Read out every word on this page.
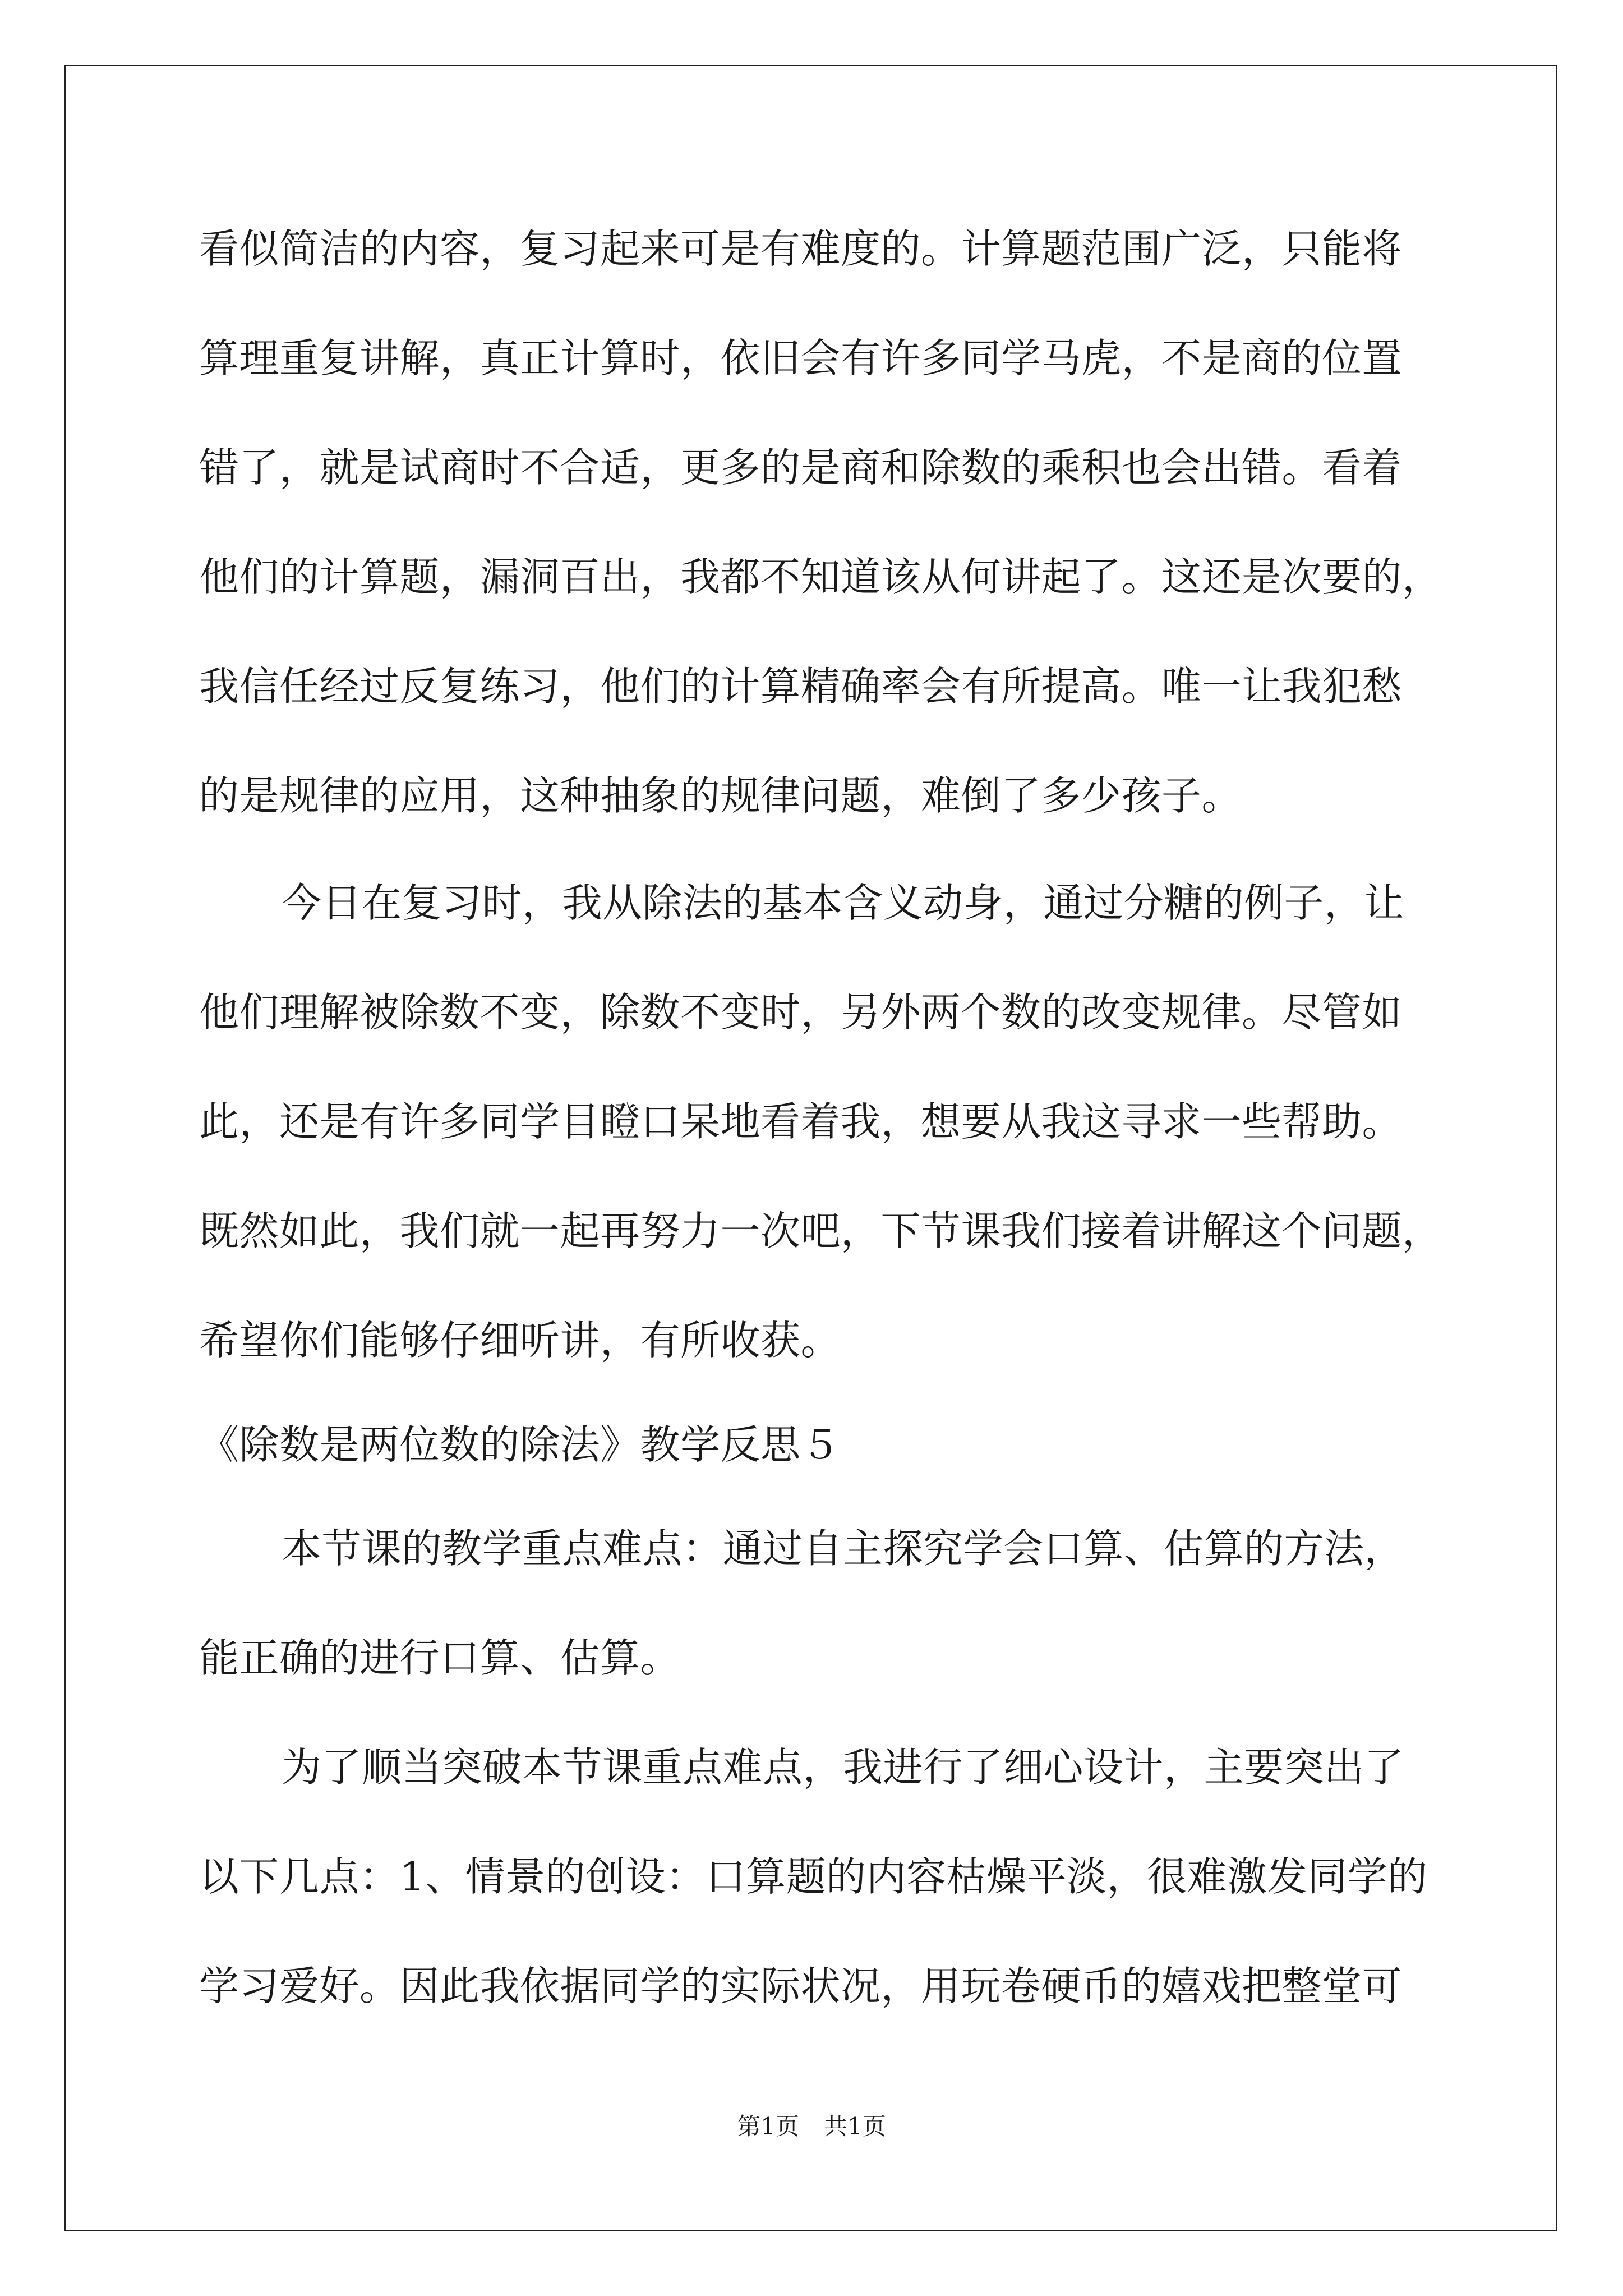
看似简洁的内容，复习起来可是有难度的。计算题范围广泛，只能将
算理重复讲解，真正计算时，依旧会有许多同学马虎，不是商的位置
错了，就是试商时不合适，更多的是商和除数的乘积也会出错。看着
他们的计算题，漏洞百出，我都不知道该从何讲起了。这还是次要的，
我信任经过反复练习，他们的计算精确率会有所提高。唯一让我犯愁
的是规律的应用，这种抽象的规律问题，难倒了多少孩子。
今日在复习时，我从除法的基本含义动身，通过分糖的例子，让
他们理解被除数不变，除数不变时，另外两个数的改变规律。尽管如
此，还是有许多同学目瞪口呆地看着我，想要从我这寻求一些帮助。
既然如此，我们就一起再努力一次吧，下节课我们接着讲解这个问题，
希望你们能够仔细听讲，有所收获。
《除数是两位数的除法》教学反思５
本节课的教学重点难点：通过自主探究学会口算、估算的方法，
能正确的进行口算、估算。
为了顺当突破本节课重点难点，我进行了细心设计，主要突出了
以下几点：1、情景的创设：口算题的内容枯燥平淡，很难激发同学的
学习爱好。因此我依据同学的实际状况，用玩卷硬币的嬉戏把整堂可
第1页 共1页
